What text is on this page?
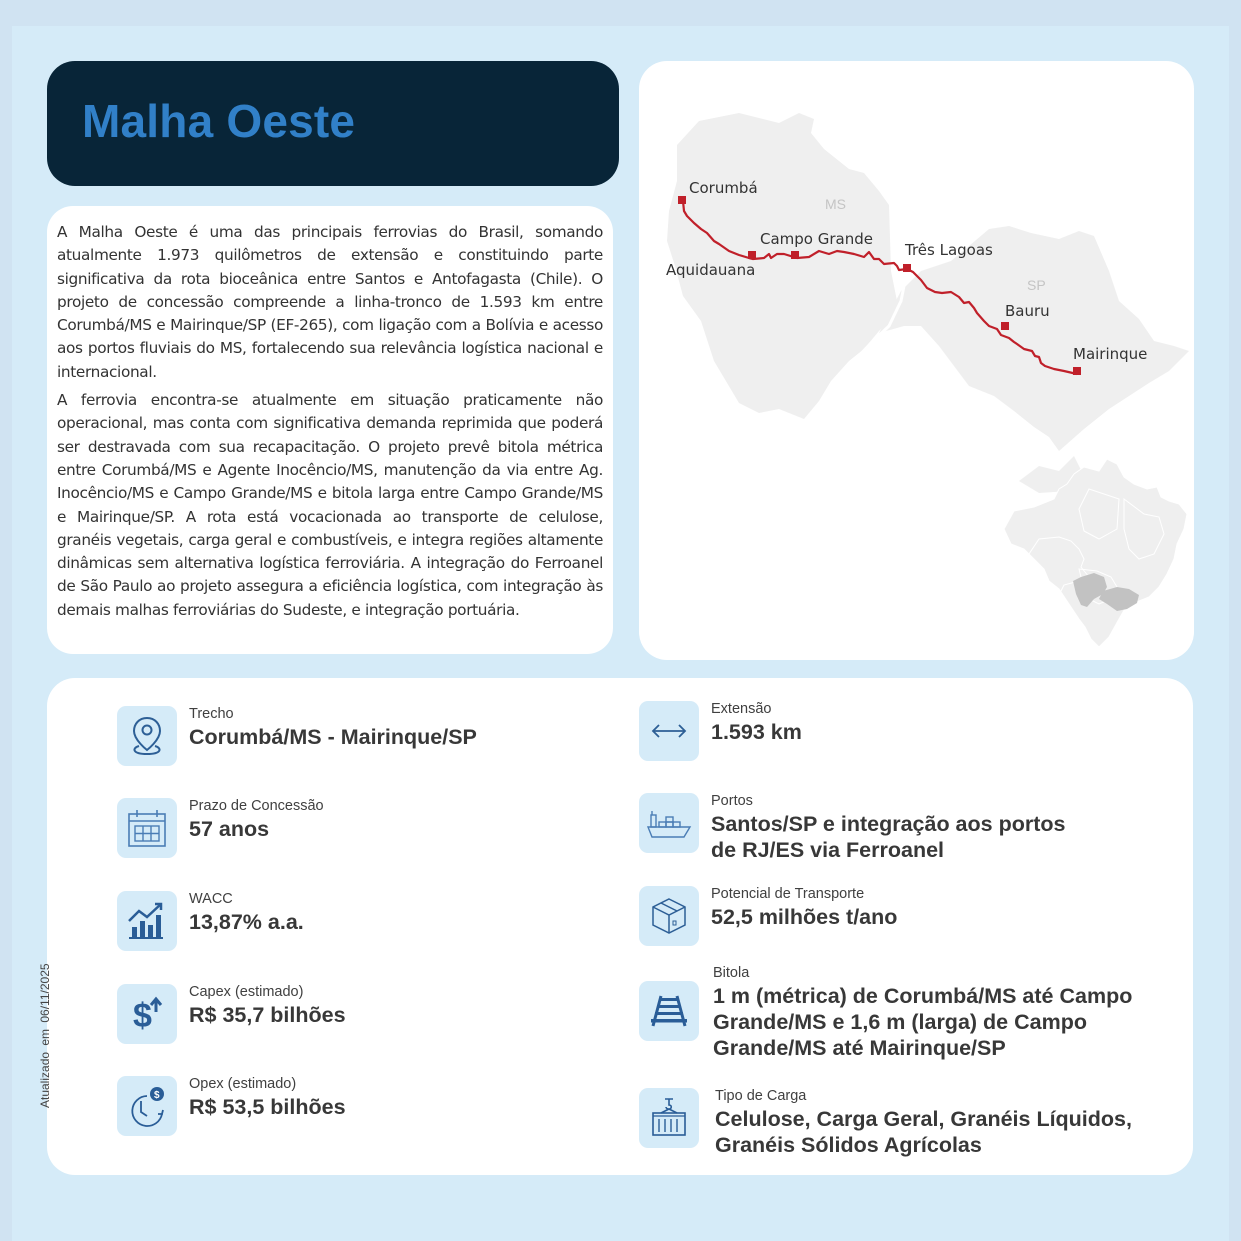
Malha Oeste

A Malha Oeste é uma das principais ferrovias do Brasil, somando atualmente 1.973 quilômetros de extensão e constituindo parte significativa da rota bioceânica entre Santos e Antofagasta (Chile). O projeto de concessão compreende a linha-tronco de 1.593 km entre Corumbá/MS e Mairinque/SP (EF-265), com ligação com a Bolívia e acesso aos portos fluviais do MS, fortalecendo sua relevância logística nacional e internacional.

A ferrovia encontra-se atualmente em situação praticamente não operacional, mas conta com significativa demanda reprimida que poderá ser destravada com sua recapacitação. O projeto prevê bitola métrica entre Corumbá/MS e Agente Inocêncio/MS, manutenção da via entre Ag. Inocêncio/MS e Campo Grande/MS e bitola larga entre Campo Grande/MS e Mairinque/SP. A rota está vocacionada ao transporte de celulose, granéis vegetais, carga geral e combustíveis, e integra regiões altamente dinâmicas sem alternativa logística ferroviária. A integração do Ferroanel de São Paulo ao projeto assegura a eficiência logística, com integração às demais malhas ferroviárias do Sudeste, e integração portuária.

MS
SP
Corumbá
Aquidauana
Campo Grande
Três Lagoas
Bauru
Mairinque
Trecho
Corumbá/MS - Mairinque/SP
Prazo de Concessão
57 anos
WACC
13,87% a.a.
$
Capex (estimado)
R$ 35,7 bilhões
$
Opex (estimado)
R$ 53,5 bilhões
Extensão
1.593 km
Portos
Santos/SP e integração aos portos
de RJ/ES via Ferroanel
Potencial de Transporte
52,5 milhões t/ano
Bitola
1 m (métrica) de Corumbá/MS até Campo
Grande/MS e 1,6 m (larga) de Campo
Grande/MS até Mairinque/SP
Tipo de Carga
Celulose, Carga Geral, Granéis Líquidos,
Granéis Sólidos Agrícolas
Atualizado em 06/11/2025
